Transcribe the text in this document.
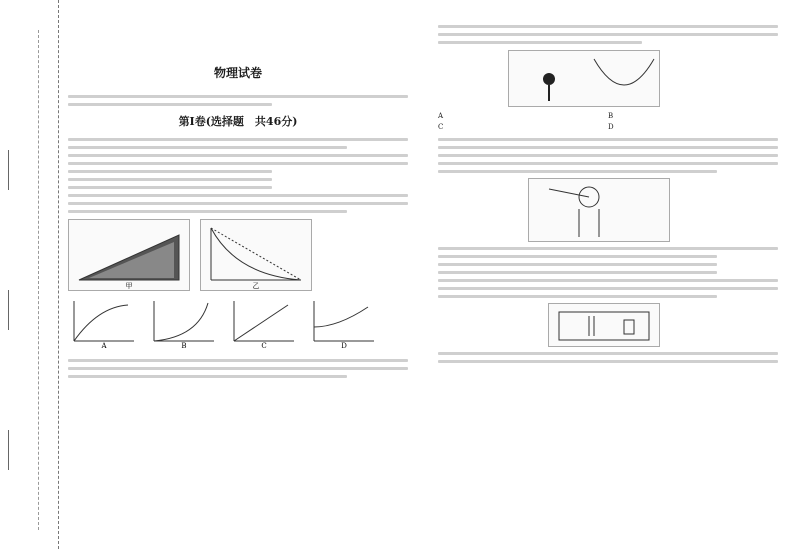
物理试卷
第Ⅰ卷(选择题　共46分)
甲	乙
A	B	C	D
A	B
C	D
